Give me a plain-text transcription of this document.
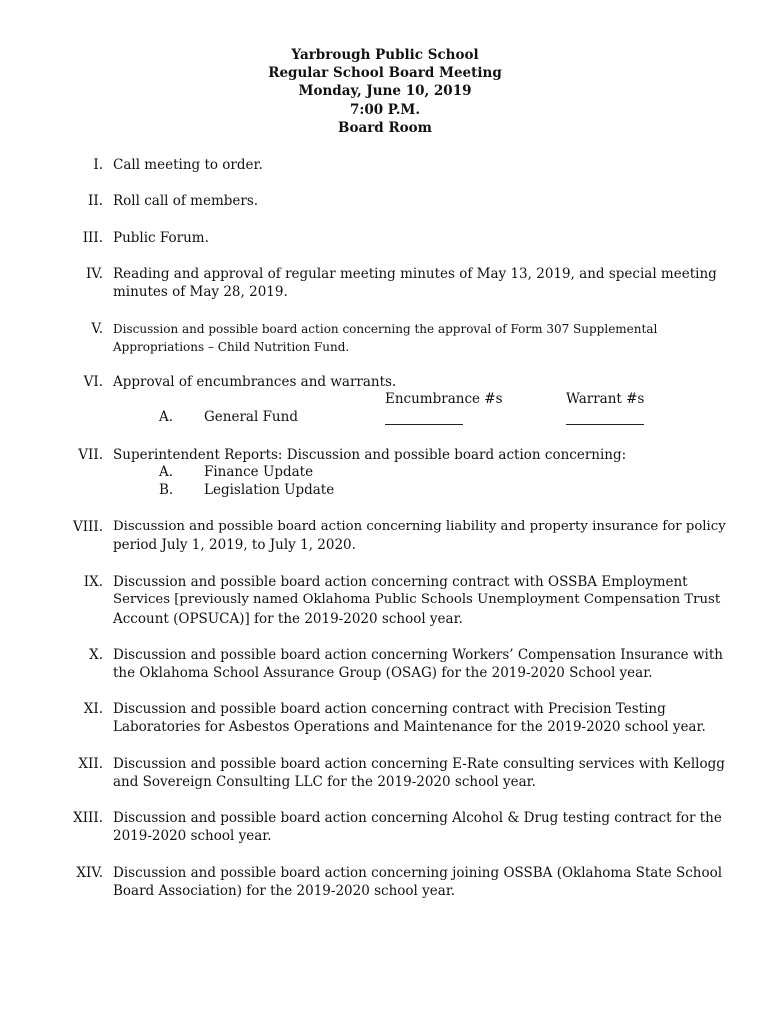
Yarbrough Public School
Regular School Board Meeting
Monday, June 10, 2019
7:00 P.M.
Board Room
I. Call meeting to order.
II. Roll call of members.
III. Public Forum.
IV. Reading and approval of regular meeting minutes of May 13, 2019, and special meeting
minutes of May 28, 2019.
V. Discussion and possible board action concerning the approval of Form 307 Supplemental
Appropriations – Child Nutrition Fund.
VI. Approval of encumbrances and warrants.
Encumbrance #s	Warrant #s
A. General Fund
VII. Superintendent Reports: Discussion and possible board action concerning:
A. Finance Update
B. Legislation Update
VIII. Discussion and possible board action concerning liability and property insurance for policy
period July 1, 2019, to July 1, 2020.
IX. Discussion and possible board action concerning contract with OSSBA Employment
Services [previously named Oklahoma Public Schools Unemployment Compensation Trust
Account (OPSUCA)] for the 2019-2020 school year.
X. Discussion and possible board action concerning Workers’ Compensation Insurance with
the Oklahoma School Assurance Group (OSAG) for the 2019-2020 School year.
XI. Discussion and possible board action concerning contract with Precision Testing
Laboratories for Asbestos Operations and Maintenance for the 2019-2020 school year.
XII. Discussion and possible board action concerning E-Rate consulting services with Kellogg
and Sovereign Consulting LLC for the 2019-2020 school year.
XIII. Discussion and possible board action concerning Alcohol & Drug testing contract for the
2019-2020 school year.
XIV. Discussion and possible board action concerning joining OSSBA (Oklahoma State School
Board Association) for the 2019-2020 school year.
